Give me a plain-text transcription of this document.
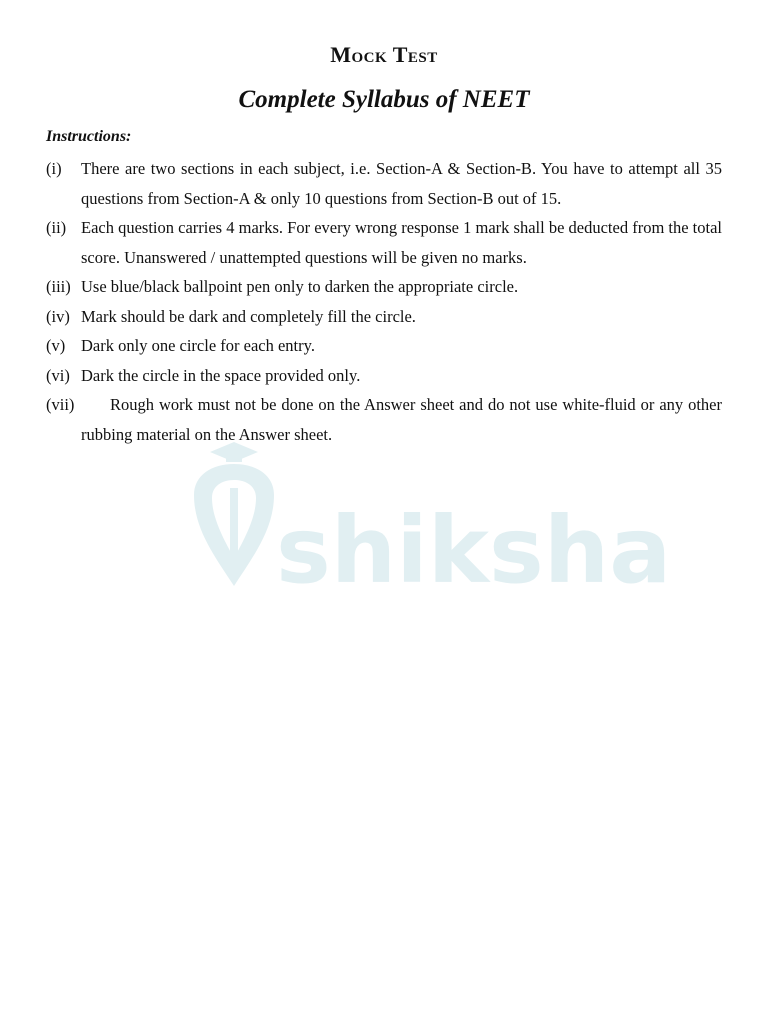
shiksha
Mock Test
Complete Syllabus of NEET
Instructions:
(i)	There are two sections in each subject, i.e. Section-A & Section-B. You have to attempt all 35 questions from Section-A & only 10 questions from Section-B out of 15.
(ii) Each question carries 4 marks. For every wrong response 1 mark shall be deducted from the total score. Unanswered / unattempted questions will be given no marks.
(iii) Use blue/black ballpoint pen only to darken the appropriate circle.
(iv) Mark should be dark and completely fill the circle.
(v) Dark only one circle for each entry.
(vi) Dark the circle in the space provided only.
(vii)	Rough work must not be done on the Answer sheet and do not use white-fluid or any other rubbing material on the Answer sheet.
